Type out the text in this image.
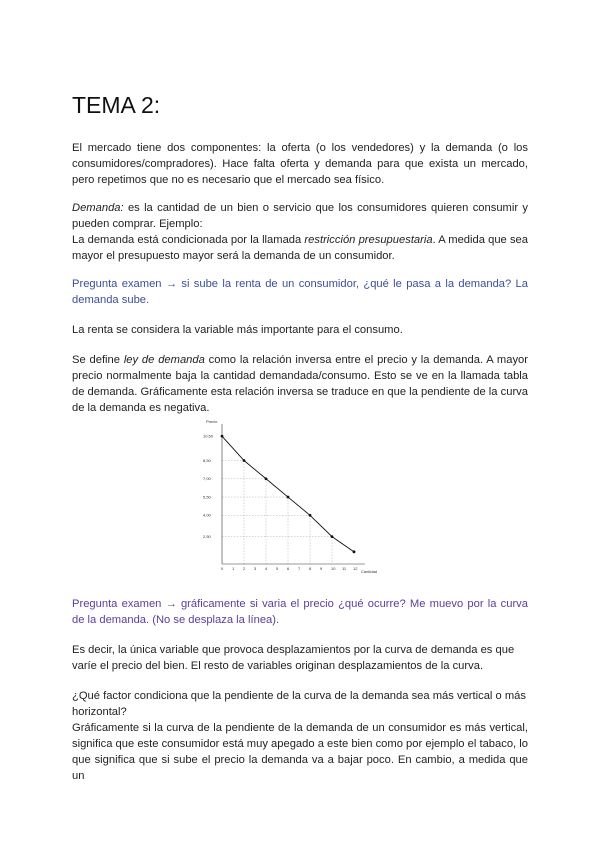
TEMA 2:

El mercado tiene dos componentes: la oferta (o los vendedores) y la demanda (o los consumidores/compradores). Hace falta oferta y demanda para que exista un mercado, pero repetimos que no es necesario que el mercado sea físico.

Demanda: es la cantidad de un bien o servicio que los consumidores quieren consumir y pueden comprar. Ejemplo:
La demanda está condicionada por la llamada restricción presupuestaria. A medida que sea mayor el presupuesto mayor será la demanda de un consumidor.

Pregunta examen → si sube la renta de un consumidor, ¿qué le pasa a la demanda? La demanda sube.

La renta se considera la variable más importante para el consumo.

Se define ley de demanda como la relación inversa entre el precio y la demanda. A mayor precio normalmente baja la cantidad demandada/consumo. Esto se ve en la llamada tabla de demanda. Gráficamente esta relación inversa se traduce en que la pendiente de la curva de la demanda es negativa.

Precio
Cantidad
10,50
8,50
7,00
5,50
4,00
2,50
0 1 2 3 4 5 6 7 8 9 10 11 12

Pregunta examen → gráficamente si varia el precio ¿qué ocurre? Me muevo por la curva de la demanda. (No se desplaza la línea).

Es decir, la única variable que provoca desplazamientos por la curva de demanda es que varíe el precio del bien. El resto de variables originan desplazamientos de la curva.

¿Qué factor condiciona que la pendiente de la curva de la demanda sea más vertical o más horizontal?

Gráficamente si la curva de la pendiente de la demanda de un consumidor es más vertical, significa que este consumidor está muy apegado a este bien como por ejemplo el tabaco, lo que significa que si sube el precio la demanda va a bajar poco. En cambio, a medida que un
